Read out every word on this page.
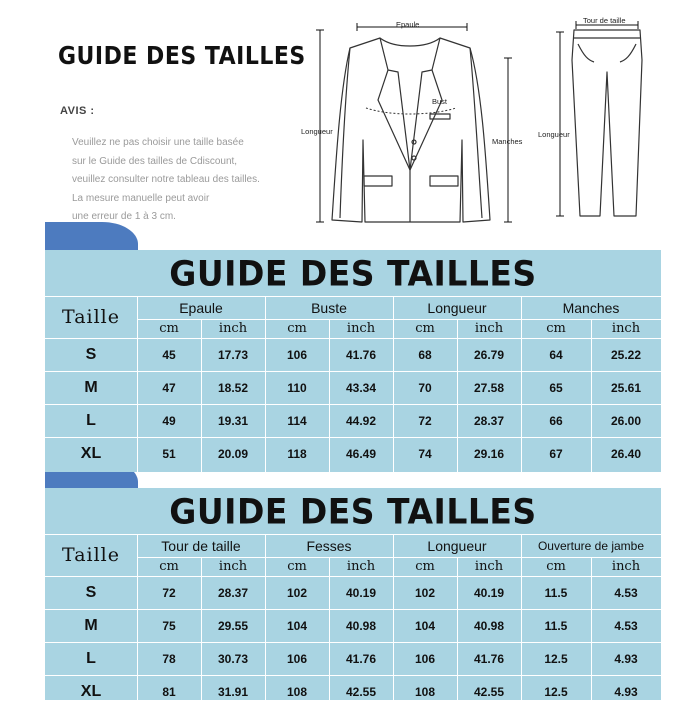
GUIDE DES TAILLES
AVIS :
Veuillez ne pas choisir une taille basée
sur le Guide des tailles de Cdiscount,
veuillez consulter notre tableau des tailles.
La mesure manuelle peut avoir
une erreur de 1 à 3 cm.
Epaule
Bust
Longueur
Manches
Tour de taille
Longueur
GUIDE DES TAILLES
Taille	Epaule	Buste	Longueur	Manches
cm	inch	cm	inch	cm	inch	cm	inch
S	45	17.73	106	41.76	68	26.79	64	25.22
M	47	18.52	110	43.34	70	27.58	65	25.61
L	49	19.31	114	44.92	72	28.37	66	26.00
XL	51	20.09	118	46.49	74	29.16	67	26.40
GUIDE DES TAILLES
Taille	Tour de taille	Fesses	Longueur	Ouverture de jambe
cm	inch	cm	inch	cm	inch	cm	inch
S	72	28.37	102	40.19	102	40.19	11.5	4.53
M	75	29.55	104	40.98	104	40.98	11.5	4.53
L	78	30.73	106	41.76	106	41.76	12.5	4.93
XL	81	31.91	108	42.55	108	42.55	12.5	4.93
